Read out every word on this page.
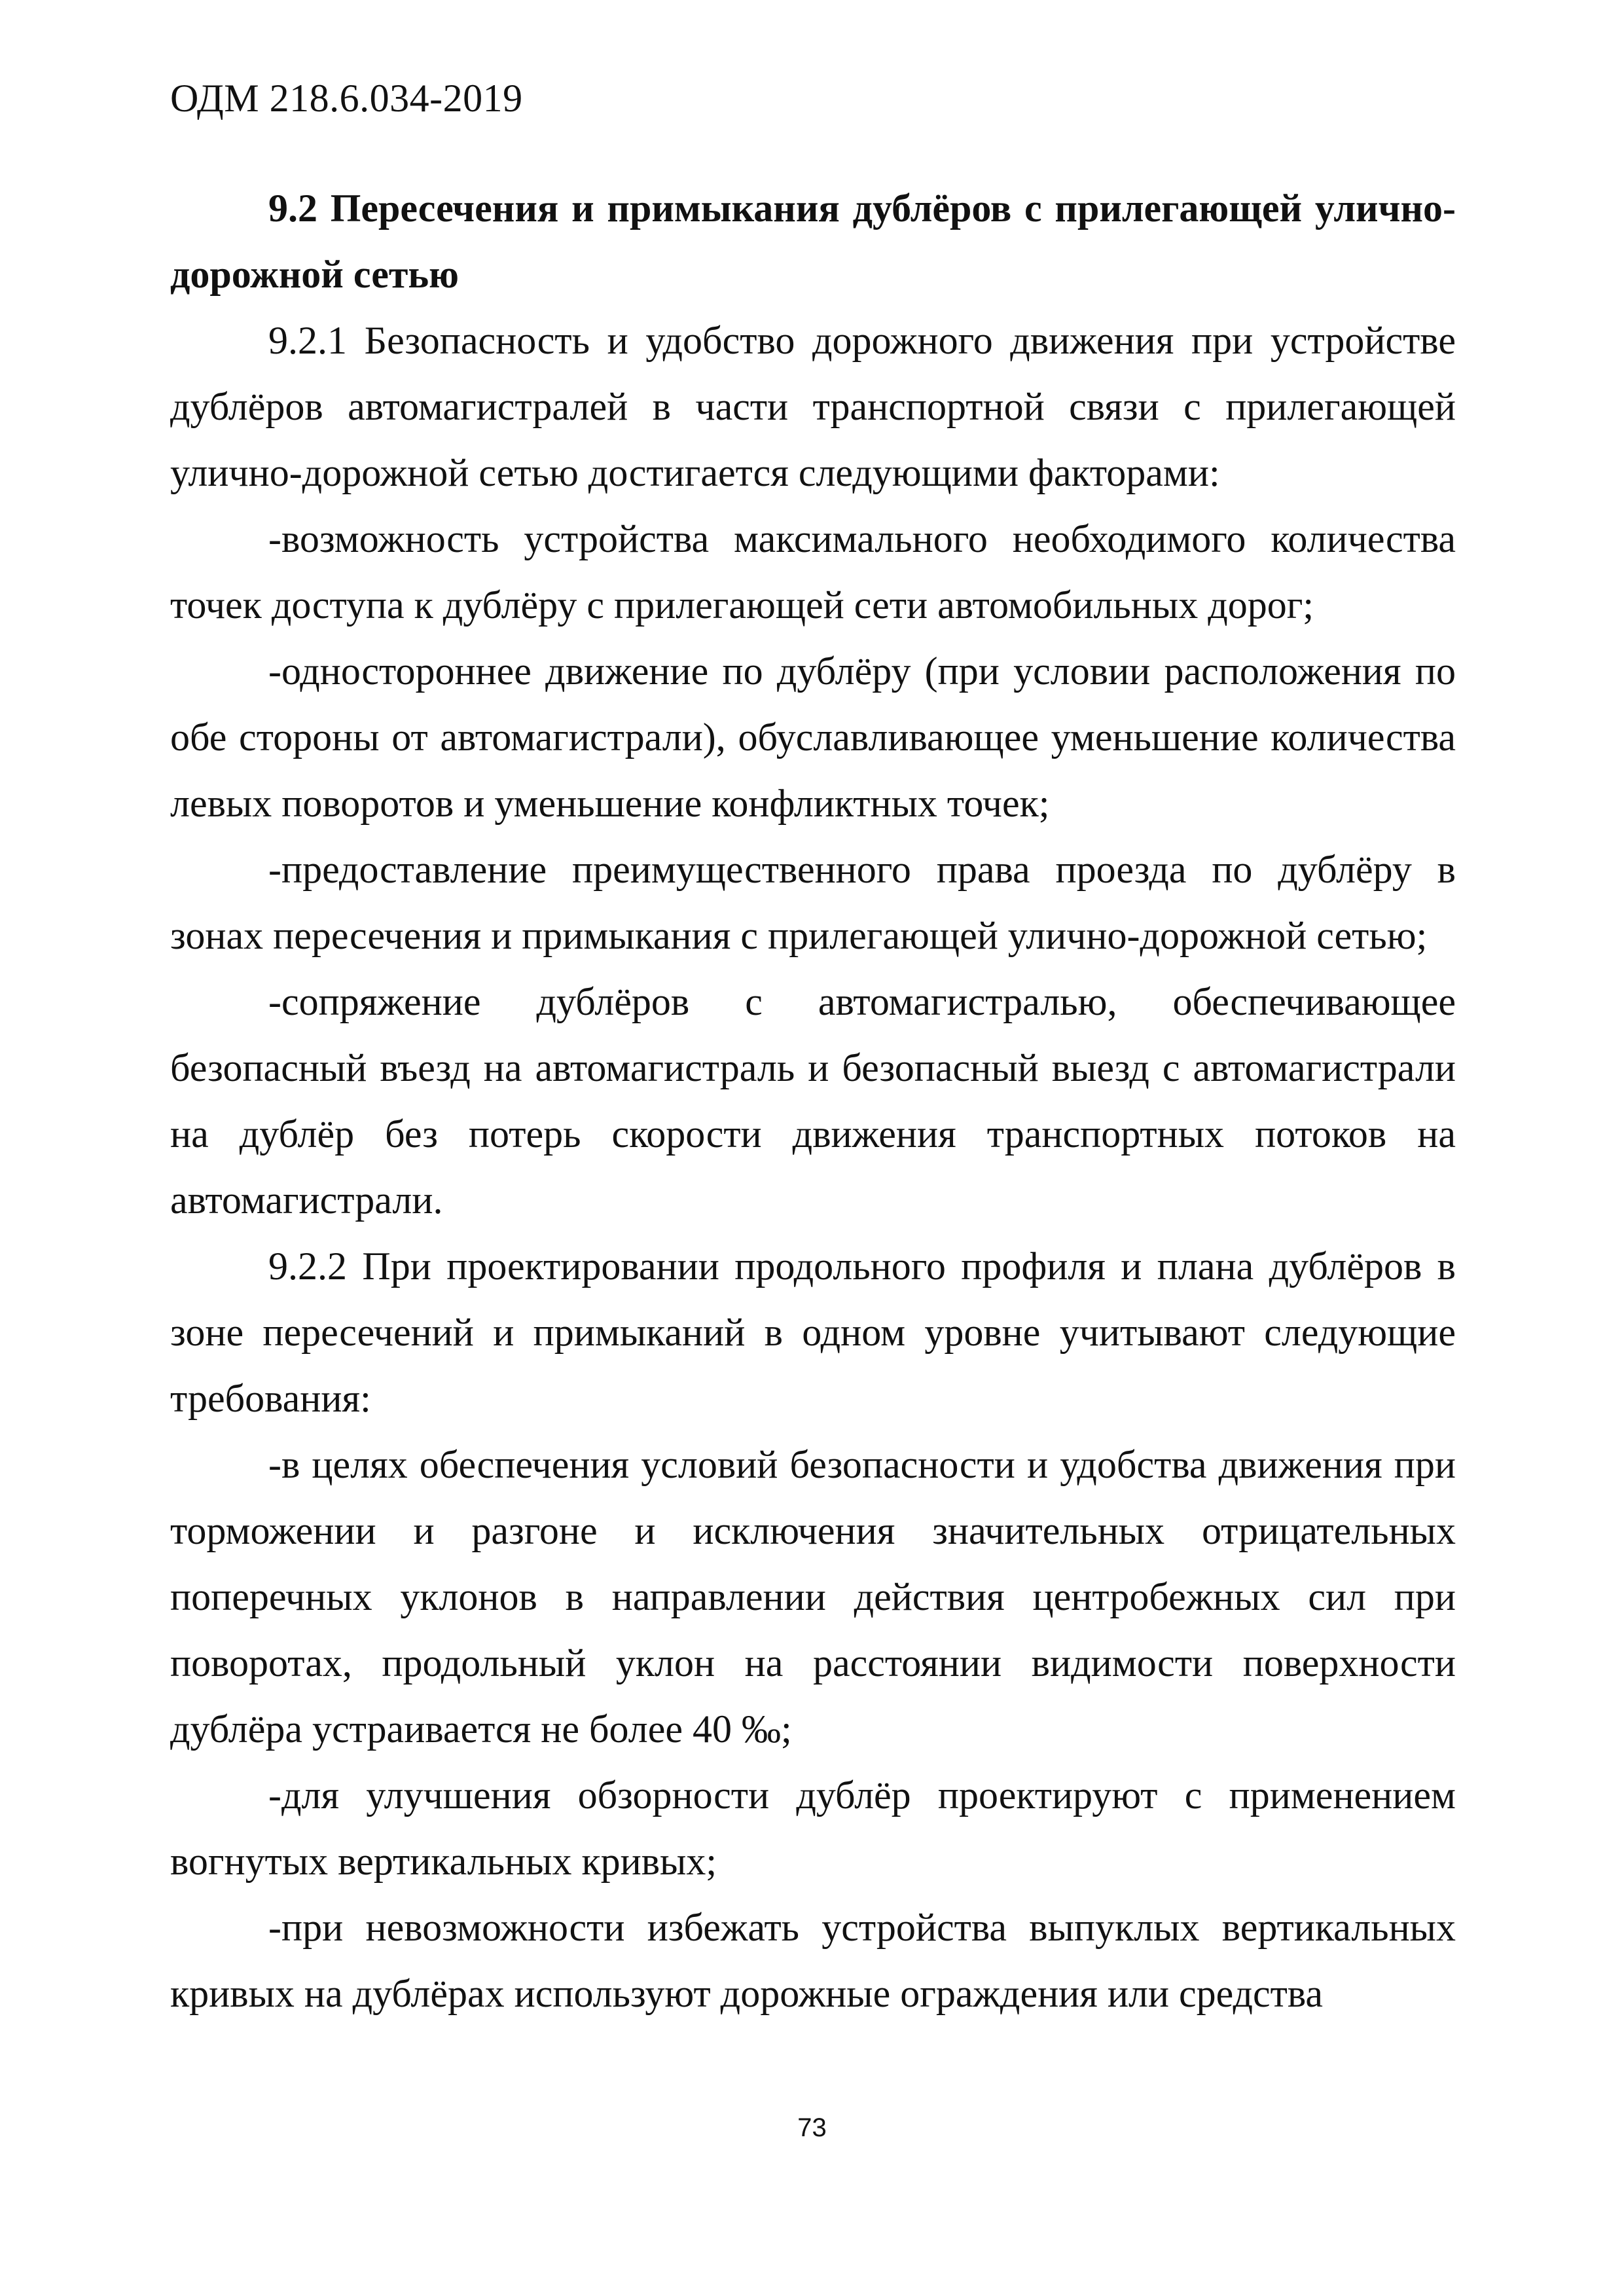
ОДМ 218.6.034-2019

9.2 Пересечения и примыкания дублёров с прилегающей улично-дорожной сетью

9.2.1 Безопасность и удобство дорожного движения при устройстве дублёров автомагистралей в части транспортной связи с прилегающей улично-дорожной сетью достигается следующими факторами:

-возможность устройства максимального необходимого количества точек доступа к дублёру с прилегающей сети автомобильных дорог;

-одностороннее движение по дублёру (при условии расположения по обе стороны от автомагистрали), обуславливающее уменьшение количества левых поворотов и уменьшение конфликтных точек;

-предоставление преимущественного права проезда по дублёру в зонах пересечения и примыкания с прилегающей улично-дорожной сетью;

-сопряжение дублёров с автомагистралью, обеспечивающее безопасный въезд на автомагистраль и безопасный выезд с автомагистрали на дублёр без потерь скорости движения транспортных потоков на автомагистрали.

9.2.2 При проектировании продольного профиля и плана дублёров в зоне пересечений и примыканий в одном уровне учитывают следующие требования:

-в целях обеспечения условий безопасности и удобства движения при торможении и разгоне и исключения значительных отрицательных поперечных уклонов в направлении действия центробежных сил при поворотах, продольный уклон на расстоянии видимости поверхности дублёра устраивается не более 40 ‰;

-для улучшения обзорности дублёр проектируют с применением вогнутых вертикальных кривых;

-при невозможности избежать устройства выпуклых вертикальных кривых на дублёрах используют дорожные ограждения или средства

73
